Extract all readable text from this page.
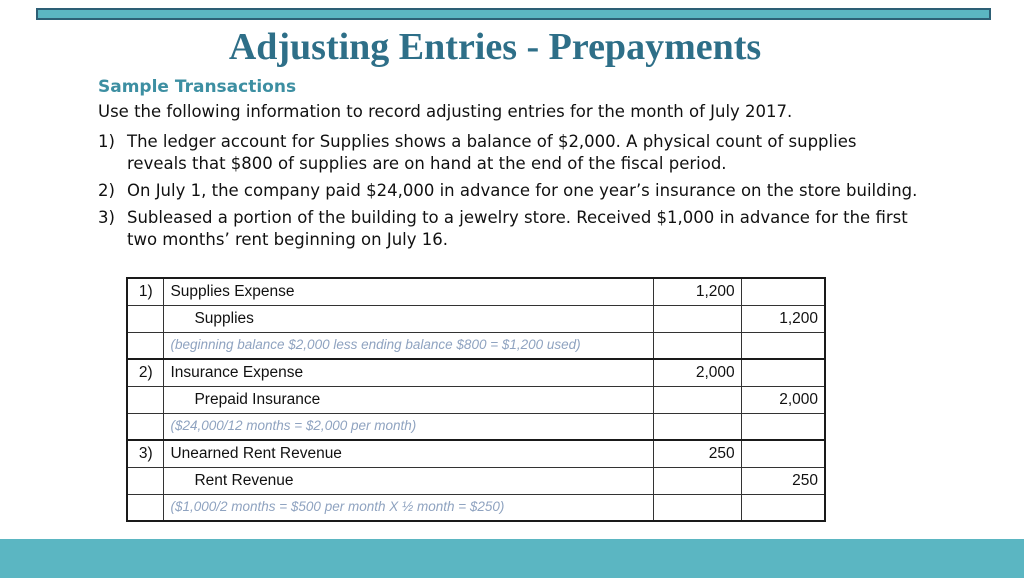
Adjusting Entries - Prepayments
Sample Transactions
Use the following information to record adjusting entries for the month of July 2017.
1) The ledger account for Supplies shows a balance of $2,000. A physical count of supplies reveals that $800 of supplies are on hand at the end of the fiscal period.
2) On July 1, the company paid $24,000 in advance for one year’s insurance on the store building.
3) Subleased a portion of the building to a jewelry store. Received $1,000 in advance for the first two months’ rent beginning on July 16.
1)	Supplies Expense	1,200	
	Supplies		1,200
	(beginning balance $2,000 less ending balance $800 = $1,200 used)		
2)	Insurance Expense	2,000	
	Prepaid Insurance		2,000
	($24,000/12 months = $2,000 per month)		
3)	Unearned Rent Revenue	250	
	Rent Revenue		250
	($1,000/2 months = $500 per month X ½ month = $250)		
